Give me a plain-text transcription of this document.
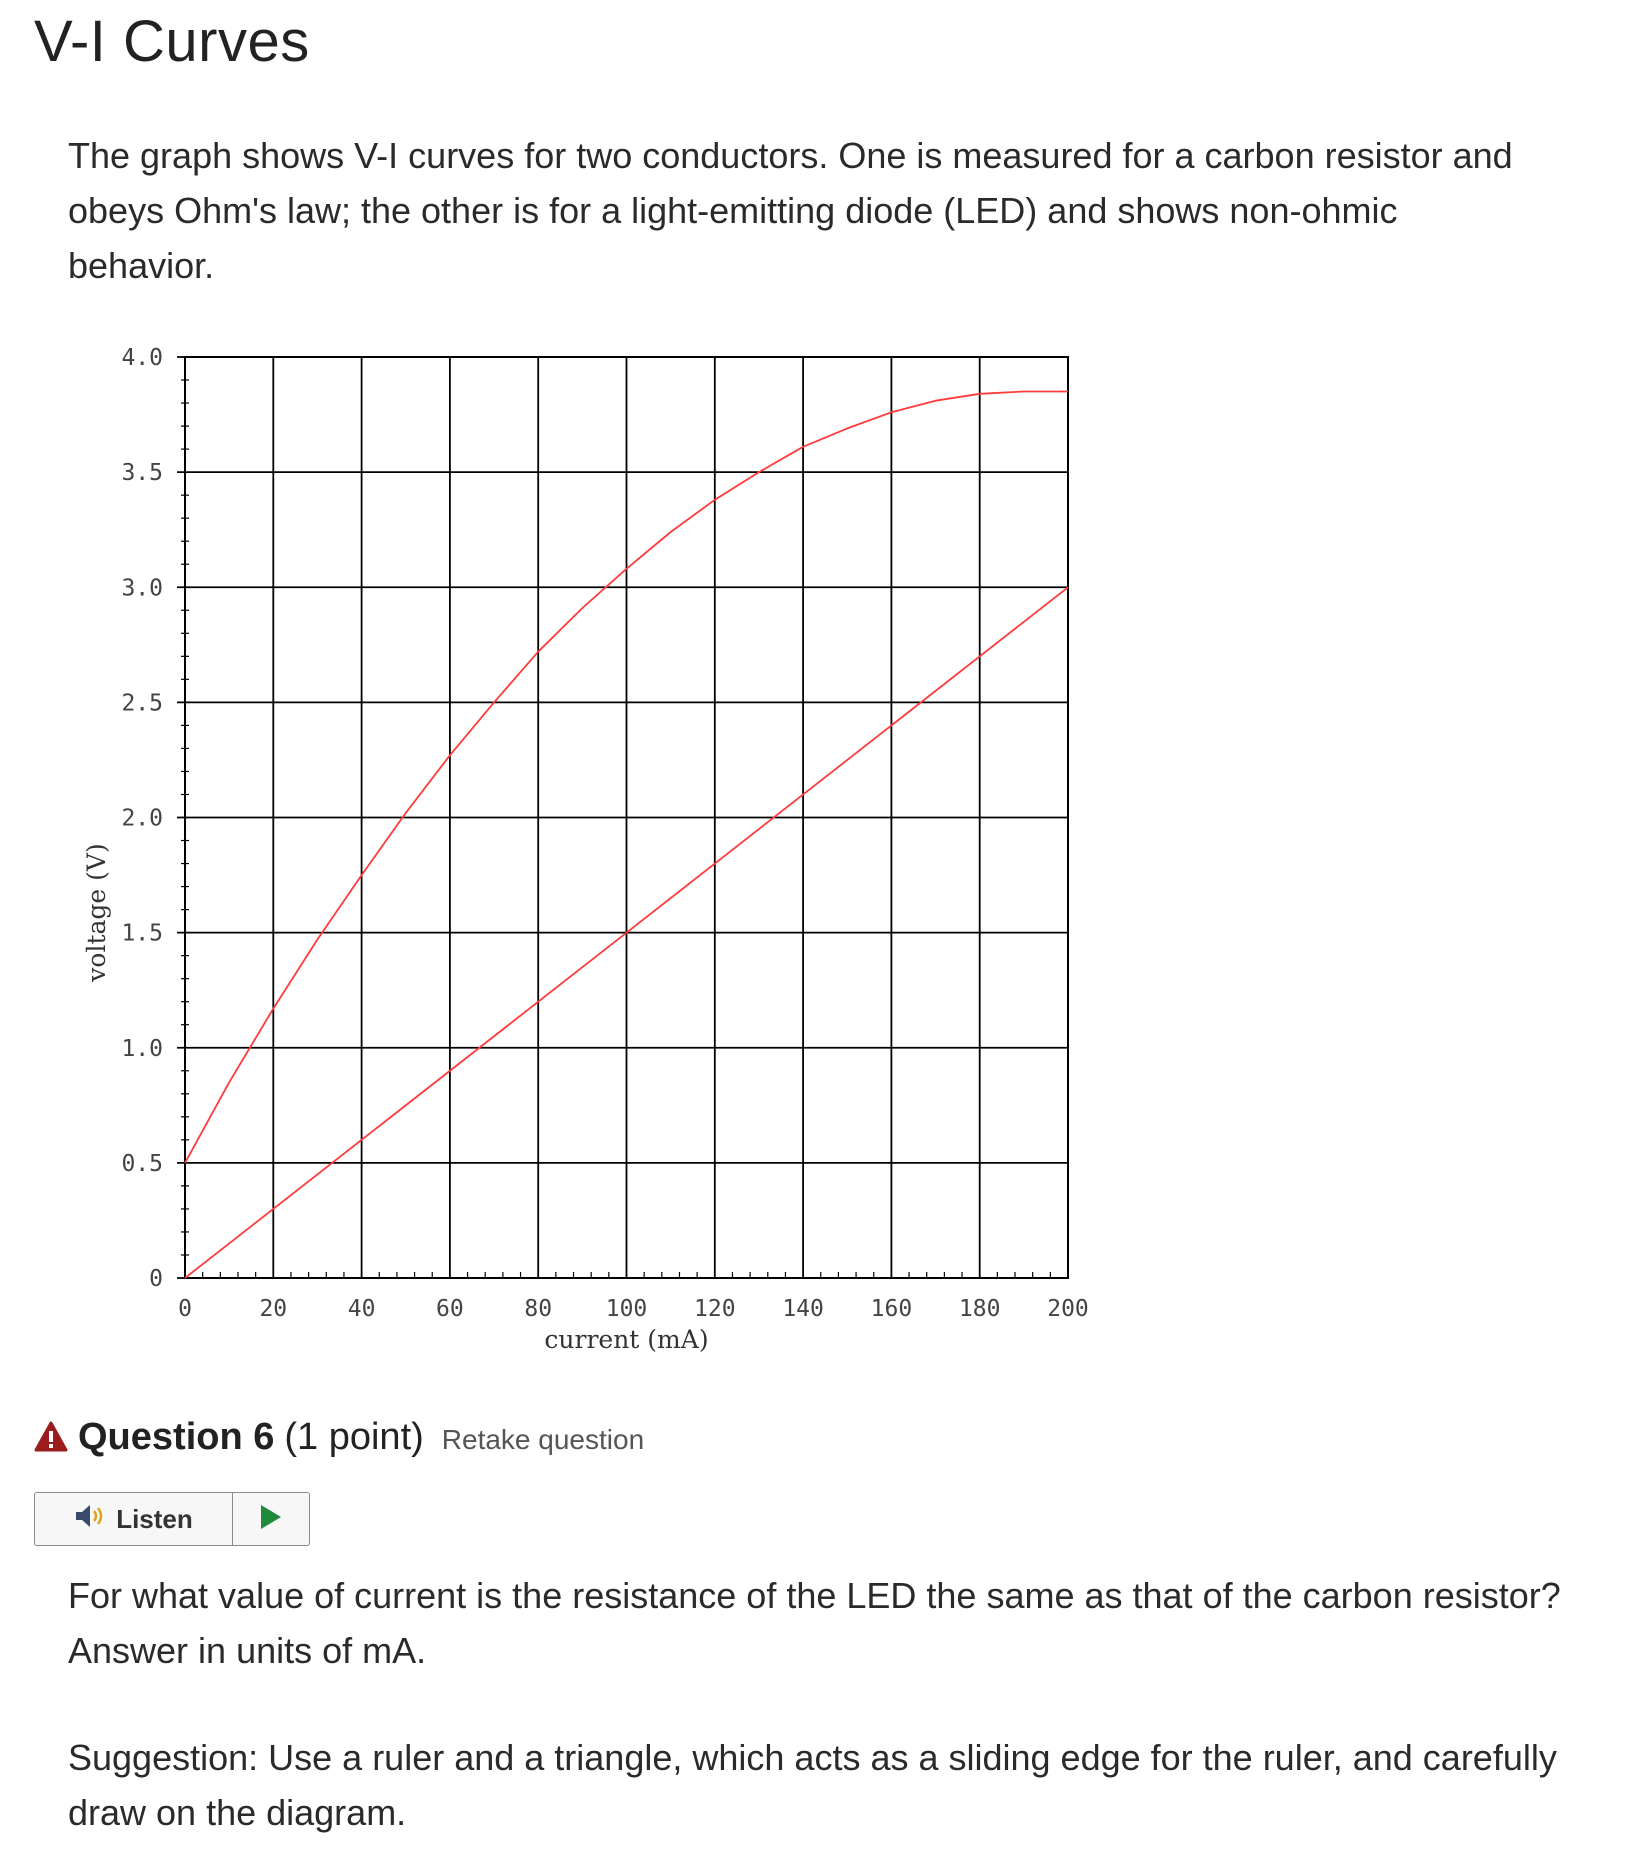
V-I Curves

The graph shows V-I curves for two conductors. One is measured for a carbon resistor and obeys Ohm's law; the other is for a light-emitting diode (LED) and shows non-ohmic behavior.

0
0.5
1.0
1.5
2.0
2.5
3.0
3.5
4.0
0	20	40	60	80 100 120 140 160 180 200
current (mA)
voltage (V)
Question 6 (1 point) Retake question
Listen

For what value of current is the resistance of the LED the same as that of the carbon resistor? Answer in units of mA.

Suggestion: Use a ruler and a triangle, which acts as a sliding edge for the ruler, and carefully draw on the diagram.
